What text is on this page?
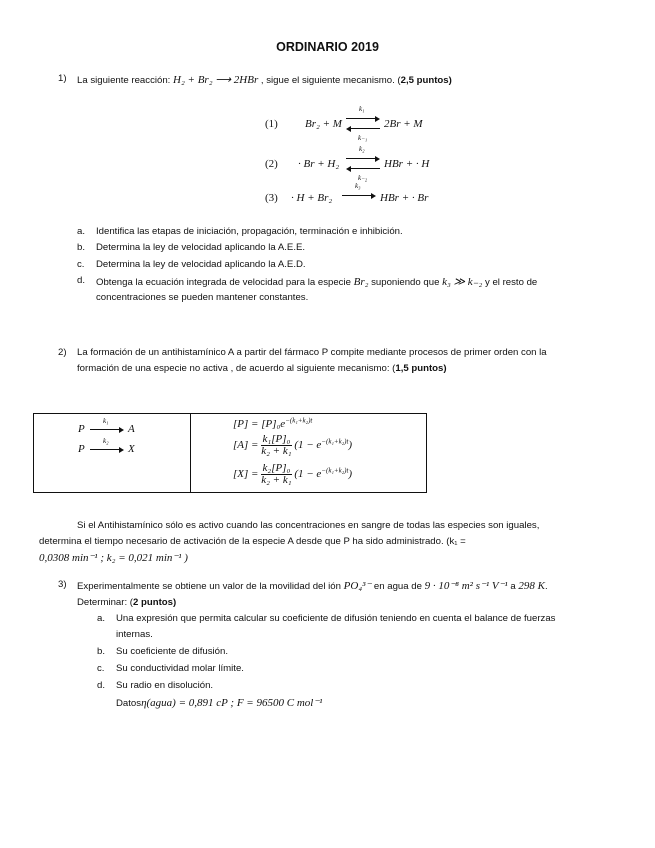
ORDINARIO 2019
1) La siguiente reacción: H₂ + Br₂ ⟶ 2HBr , sigue el siguiente mecanismo. (2,5 puntos)
(1) Br₂ + M
k₁
k₋₁
2Br + M
(2) · Br + H₂
k₂
k₋₂
HBr + · H
(3) · H + Br₂
k₃
HBr + · Br
a. Identifica las etapas de iniciación, propagación, terminación e inhibición.
b. Determina la ley de velocidad aplicando la A.E.E.
c. Determina la ley de velocidad aplicando la A.E.D.
d. Obtenga la ecuación integrada de velocidad para la especie Br₂ suponiendo que k₃ ≫ k₋₂ y el resto de
concentraciones se pueden mantener constantes.
2) La formación de un antihistamínico A a partir del fármaco P compite mediante procesos de primer orden con la
formación de una especie no activa , de acuerdo al siguiente mecanismo: (1,5 puntos)
P
k₁
A
P
k₂
X

$[P] = [P]_0e^{-(k_1+k_2)t}$
$[A] = \frac{\text{k₁[P]₀}}{\text{k₂ + k₁}} (1 - e^{-(k_1+k_2)t})$
$[X] = \frac{\text{k₂[P]₀}}{\text{k₂ + k₁}} (1 - e^{-(k_1+k_2)t})$
Si el Antihistamínico sólo es activo cuando las concentraciones en sangre de todas las especies son iguales,
determina el tiempo necesario de activación de la especie A desde que P ha sido administrado. (k₁ =
0,0308 min⁻¹ ; k₂ = 0,021 min⁻¹ )
3) Experimentalmente se obtiene un valor de la movilidad del ión PO₄³⁻ en agua de 9 · 10⁻⁸ m² s⁻¹ V⁻¹ a 298 K.
Determinar: (2 puntos)
a. Una expresión que permita calcular su coeficiente de difusión teniendo en cuenta el balance de fuerzas
internas.
b. Su coeficiente de difusión.
c. Su conductividad molar límite.
d. Su radio en disolución.
Datosη(agua) = 0,891 cP ; F = 96500 C mol⁻¹
